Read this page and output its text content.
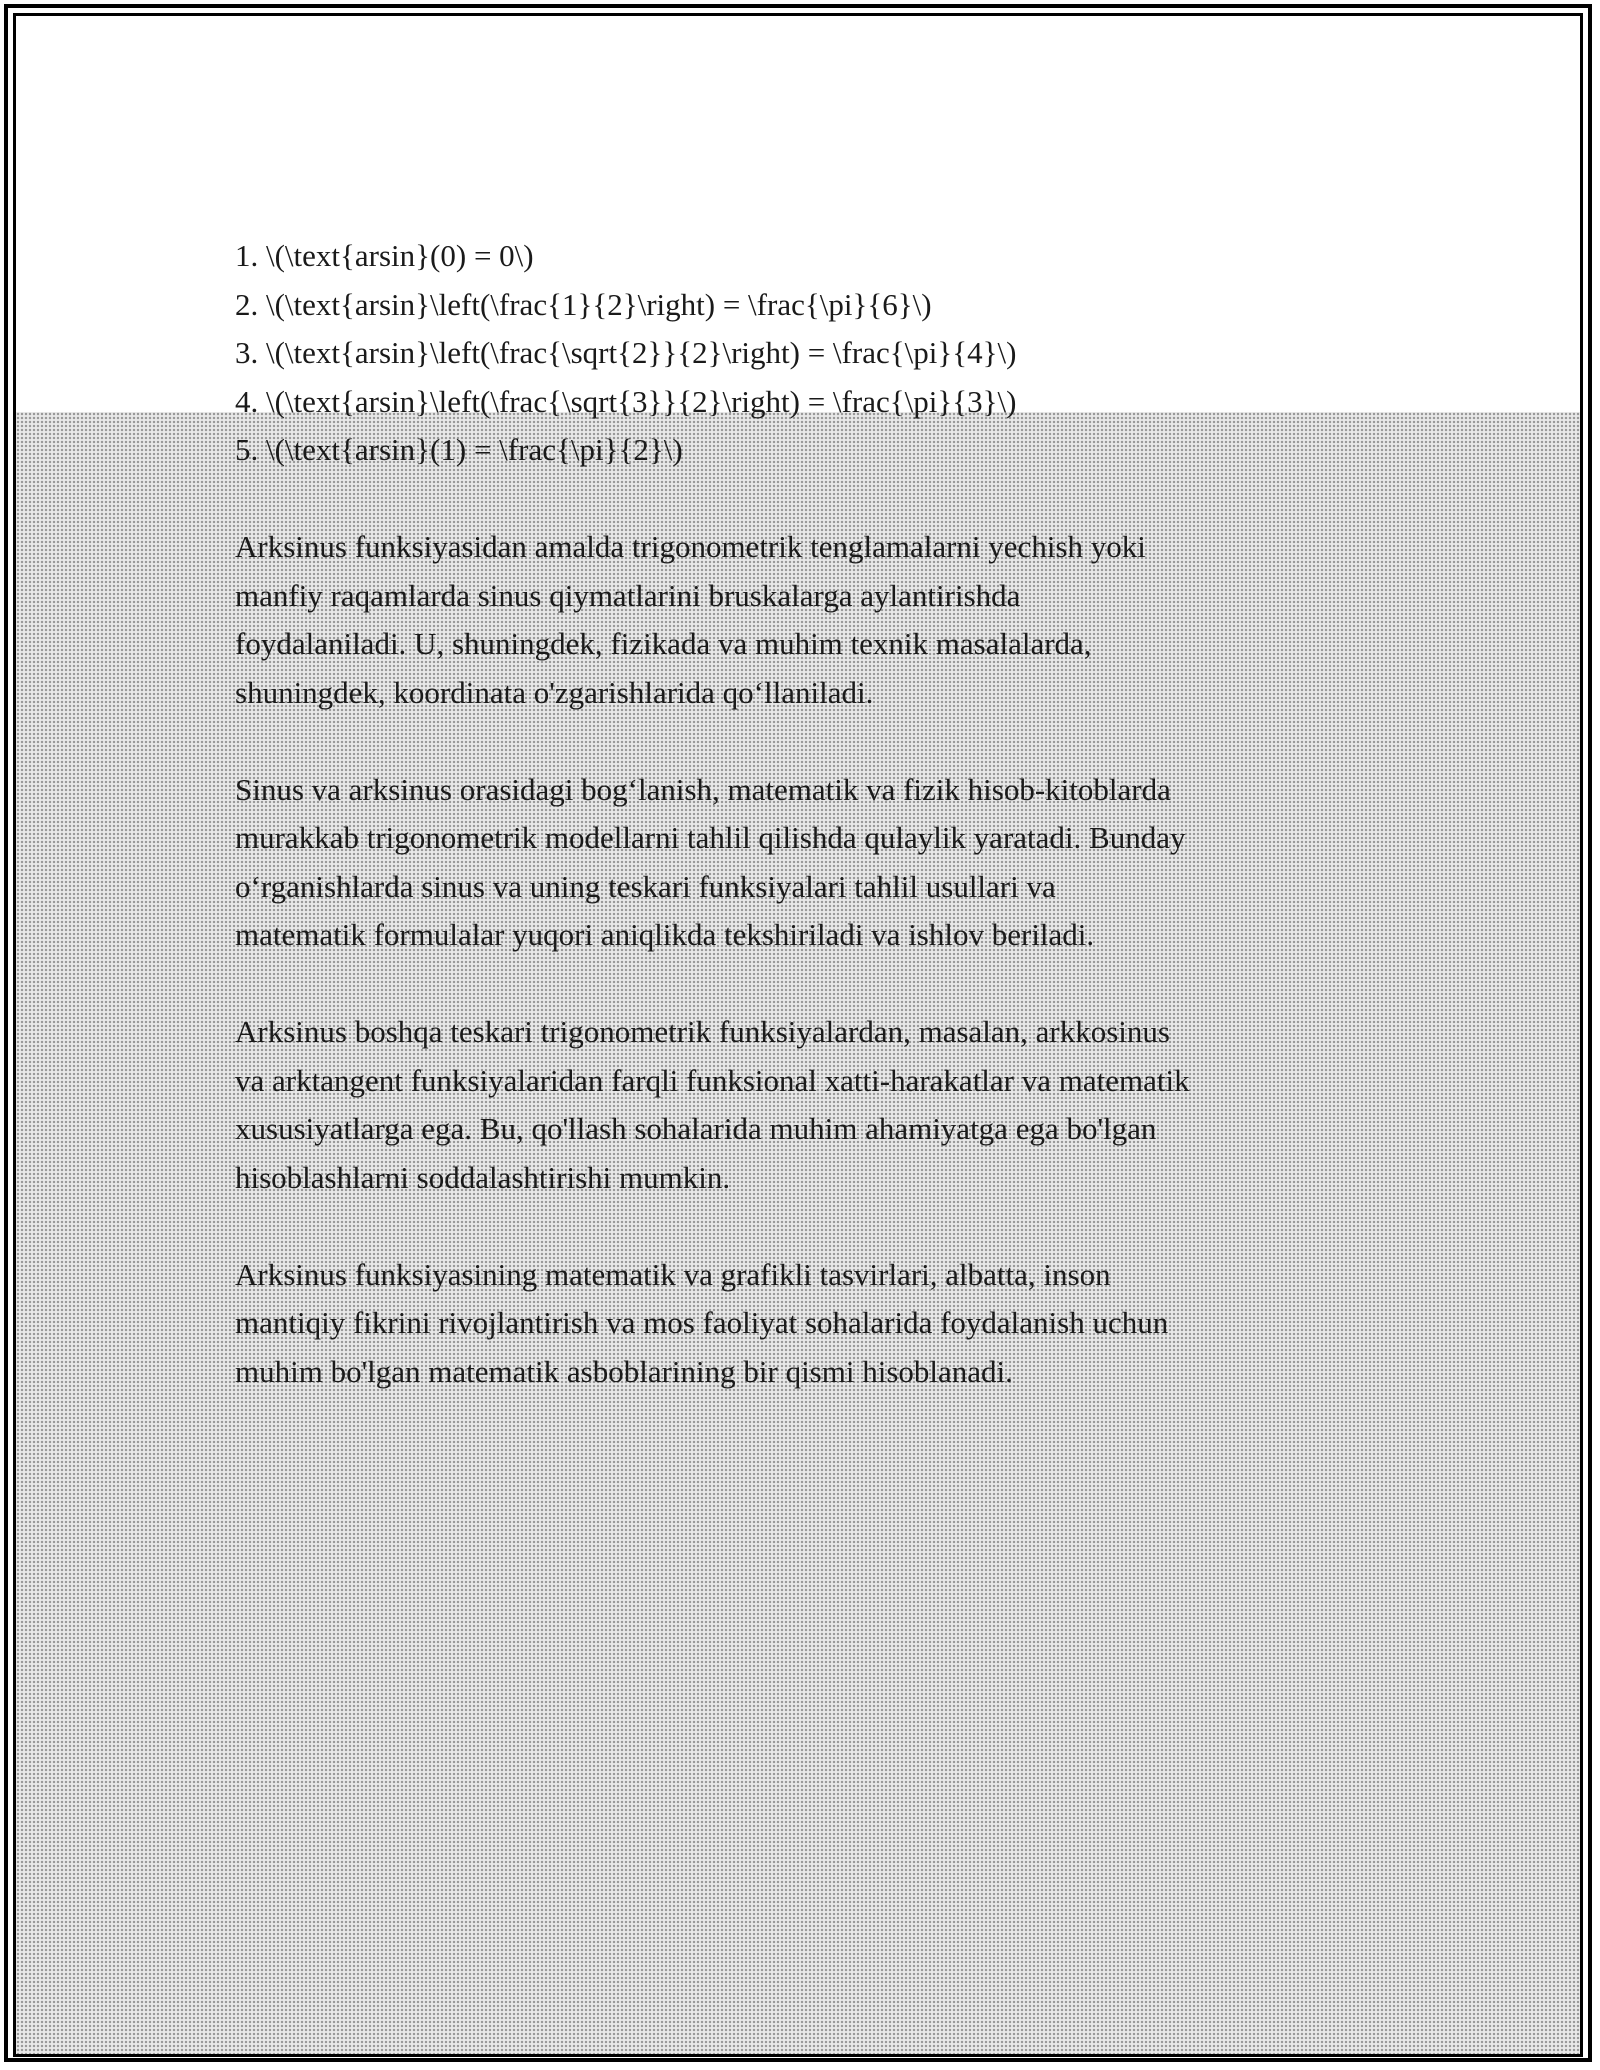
1. \(\text{arsin}(0) = 0\)
2. \(\text{arsin}\left(\frac{1}{2}\right) = \frac{\pi}{6}\)
3. \(\text{arsin}\left(\frac{\sqrt{2}}{2}\right) = \frac{\pi}{4}\)
4. \(\text{arsin}\left(\frac{\sqrt{3}}{2}\right) = \frac{\pi}{3}\)
5. \(\text{arsin}(1) = \frac{\pi}{2}\)
Arksinus funksiyasidan amalda trigonometrik tenglamalarni yechish yoki
manfiy raqamlarda sinus qiymatlarini bruskalarga aylantirishda
foydalaniladi. U, shuningdek, fizikada va muhim texnik masalalarda,
shuningdek, koordinata o'zgarishlarida qoʻllaniladi.
Sinus va arksinus orasidagi bogʻlanish, matematik va fizik hisob-kitoblarda
murakkab trigonometrik modellarni tahlil qilishda qulaylik yaratadi. Bunday
oʻrganishlarda sinus va uning teskari funksiyalari tahlil usullari va
matematik formulalar yuqori aniqlikda tekshiriladi va ishlov beriladi.
Arksinus boshqa teskari trigonometrik funksiyalardan, masalan, arkkosinus
va arktangent funksiyalaridan farqli funksional xatti-harakatlar va matematik
xususiyatlarga ega. Bu, qo'llash sohalarida muhim ahamiyatga ega bo'lgan
hisoblashlarni soddalashtirishi mumkin.
Arksinus funksiyasining matematik va grafikli tasvirlari, albatta, inson
mantiqiy fikrini rivojlantirish va mos faoliyat sohalarida foydalanish uchun
muhim bo'lgan matematik asboblarining bir qismi hisoblanadi.
